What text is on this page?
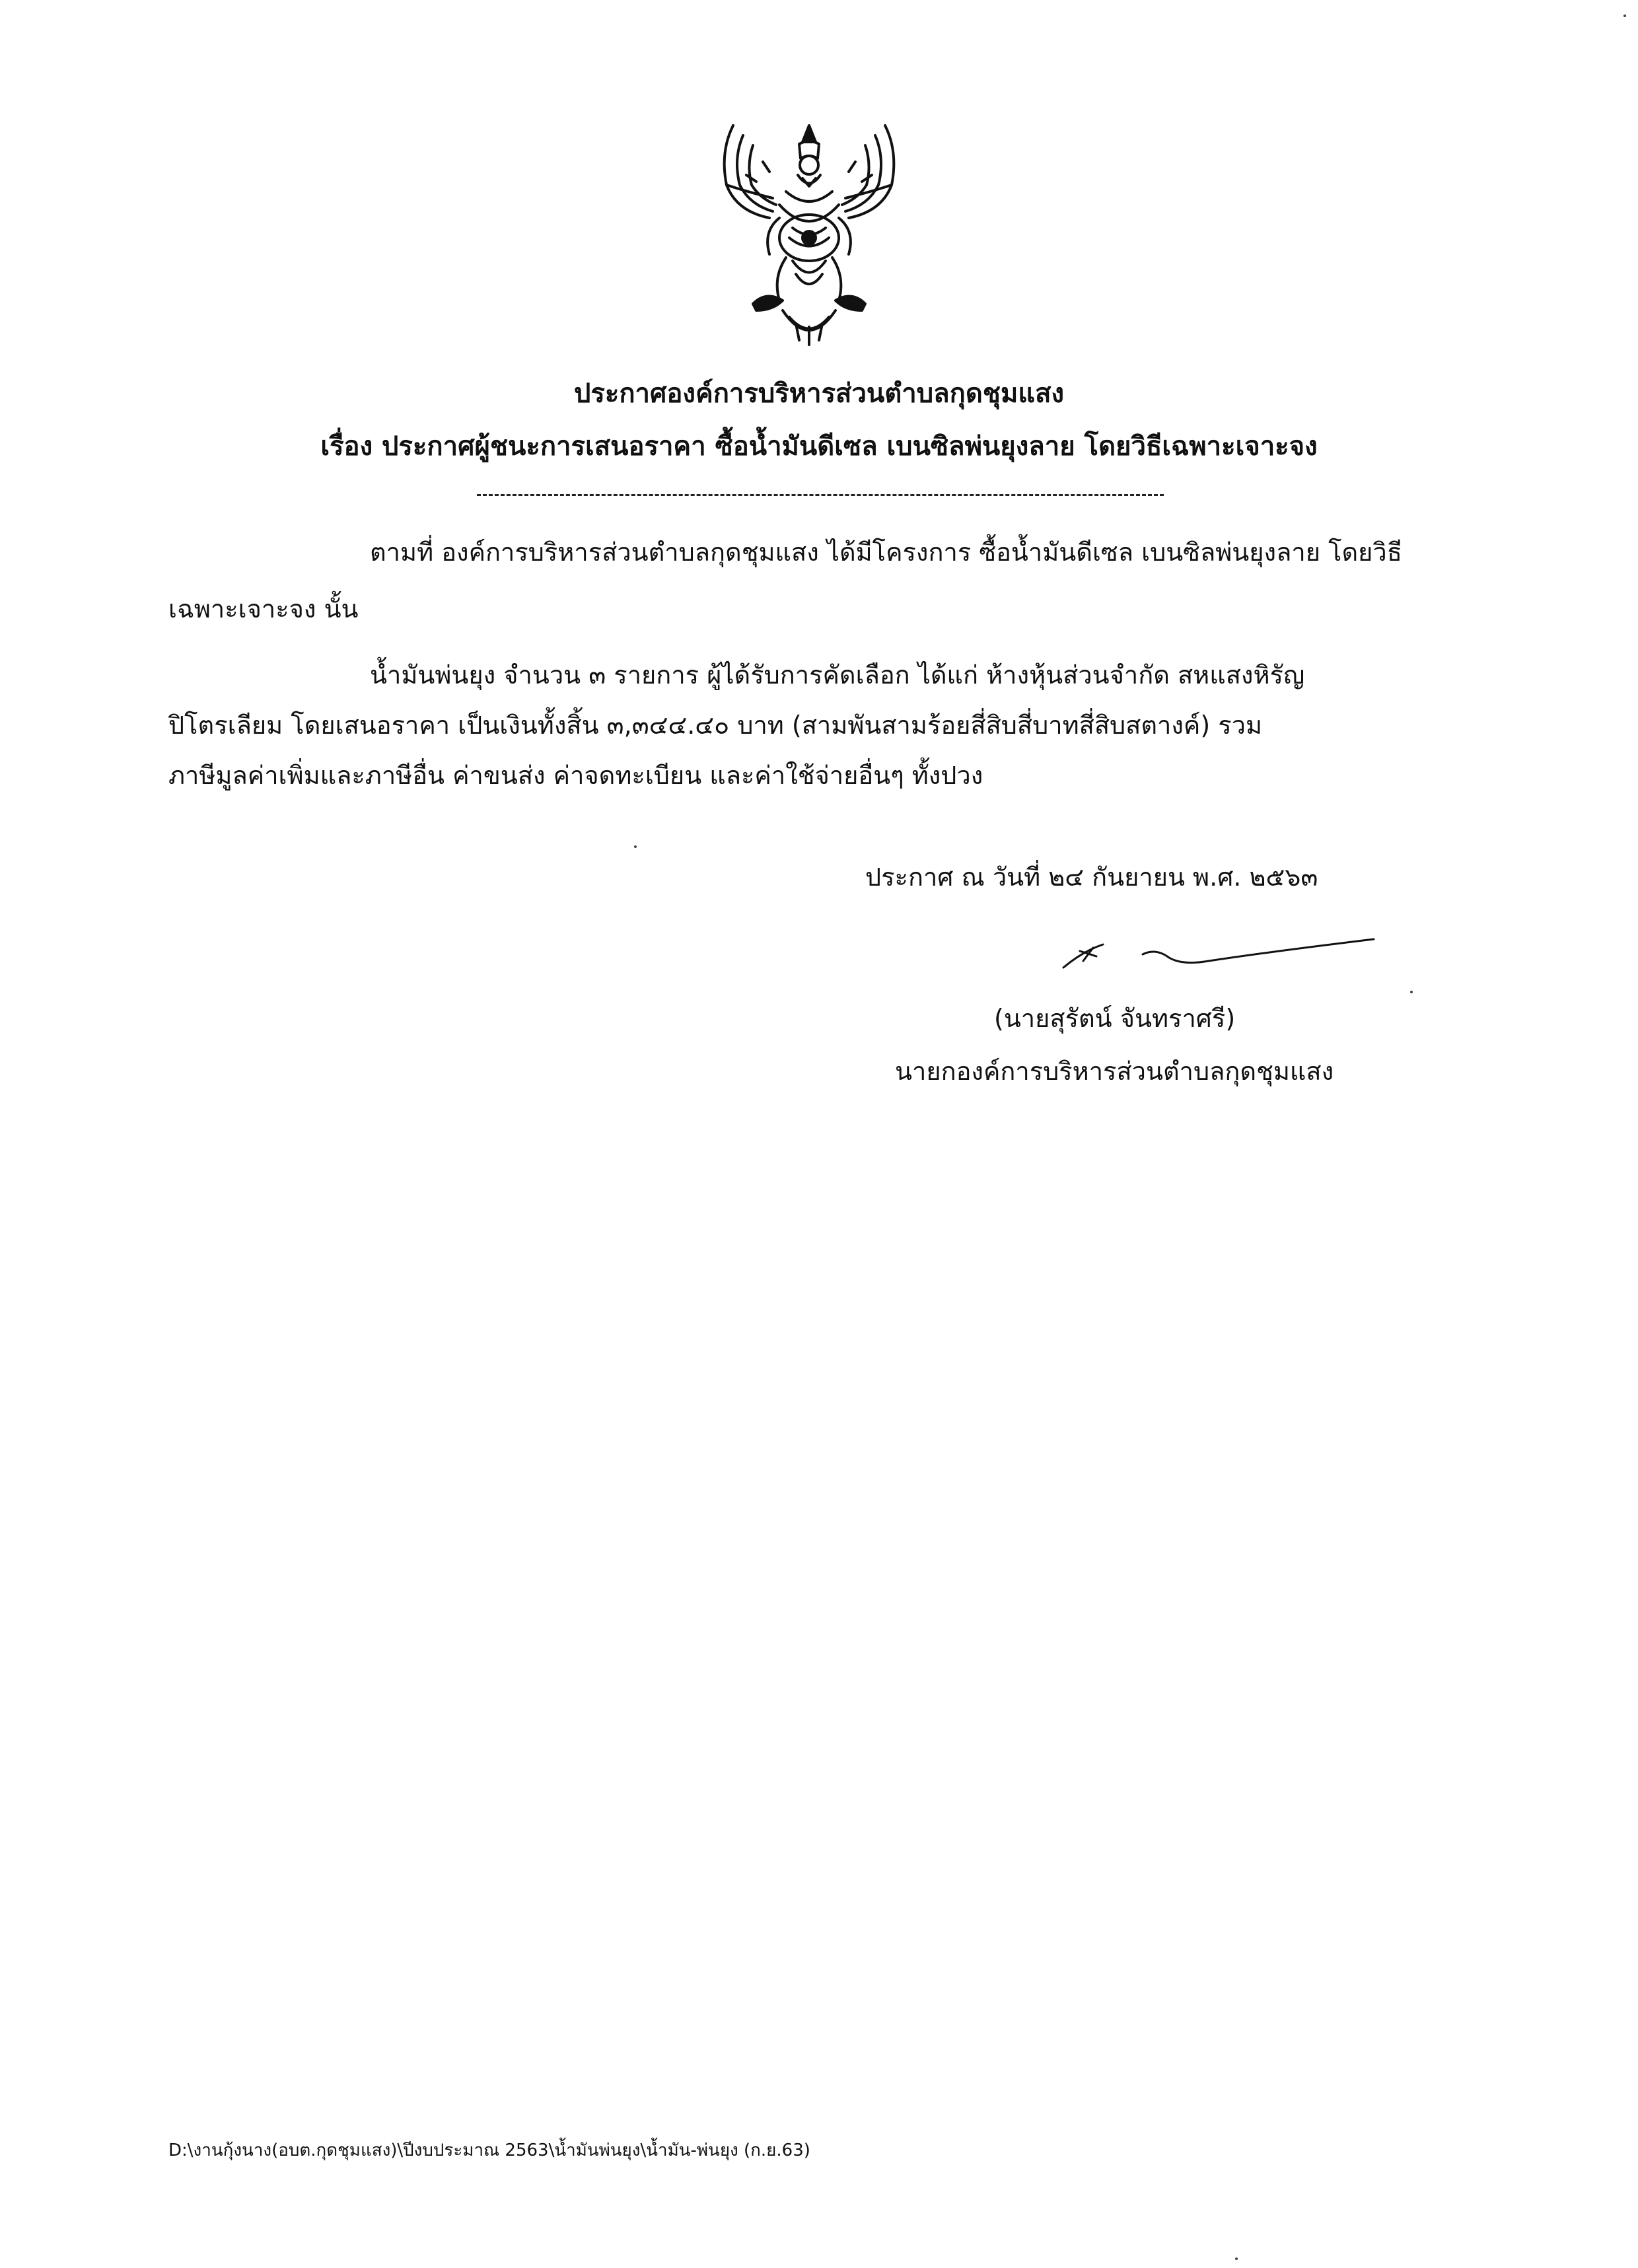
ประกาศองค์การบริหารส่วนตำบลกุดชุมแสง
เรื่อง ประกาศผู้ชนะการเสนอราคา ซื้อน้ำมันดีเซล เบนซิลพ่นยุงลาย โดยวิธีเฉพาะเจาะจง
ตามที่ องค์การบริหารส่วนตำบลกุดชุมแสง ได้มีโครงการ ซื้อน้ำมันดีเซล เบนซิลพ่นยุงลาย โดยวิธี
เฉพาะเจาะจง นั้น
น้ำมันพ่นยุง จำนวน ๓ รายการ ผู้ได้รับการคัดเลือก ได้แก่ ห้างหุ้นส่วนจำกัด สหแสงหิรัญ
ปิโตรเลียม โดยเสนอราคา เป็นเงินทั้งสิ้น ๓,๓๔๔.๔๐ บาท (สามพันสามร้อยสี่สิบสี่บาทสี่สิบสตางค์) รวม
ภาษีมูลค่าเพิ่มและภาษีอื่น ค่าขนส่ง ค่าจดทะเบียน และค่าใช้จ่ายอื่นๆ ทั้งปวง
ประกาศ ณ วันที่ ๒๔ กันยายน พ.ศ. ๒๕๖๓
(นายสุรัตน์ จันทราศรี)
นายกองค์การบริหารส่วนตำบลกุดชุมแสง
D:\งานกุ้งนาง(อบต.กุดชุมแสง)\ปีงบประมาณ 2563\น้ำมันพ่นยุง\น้ำมัน-พ่นยุง (ก.ย.63)
